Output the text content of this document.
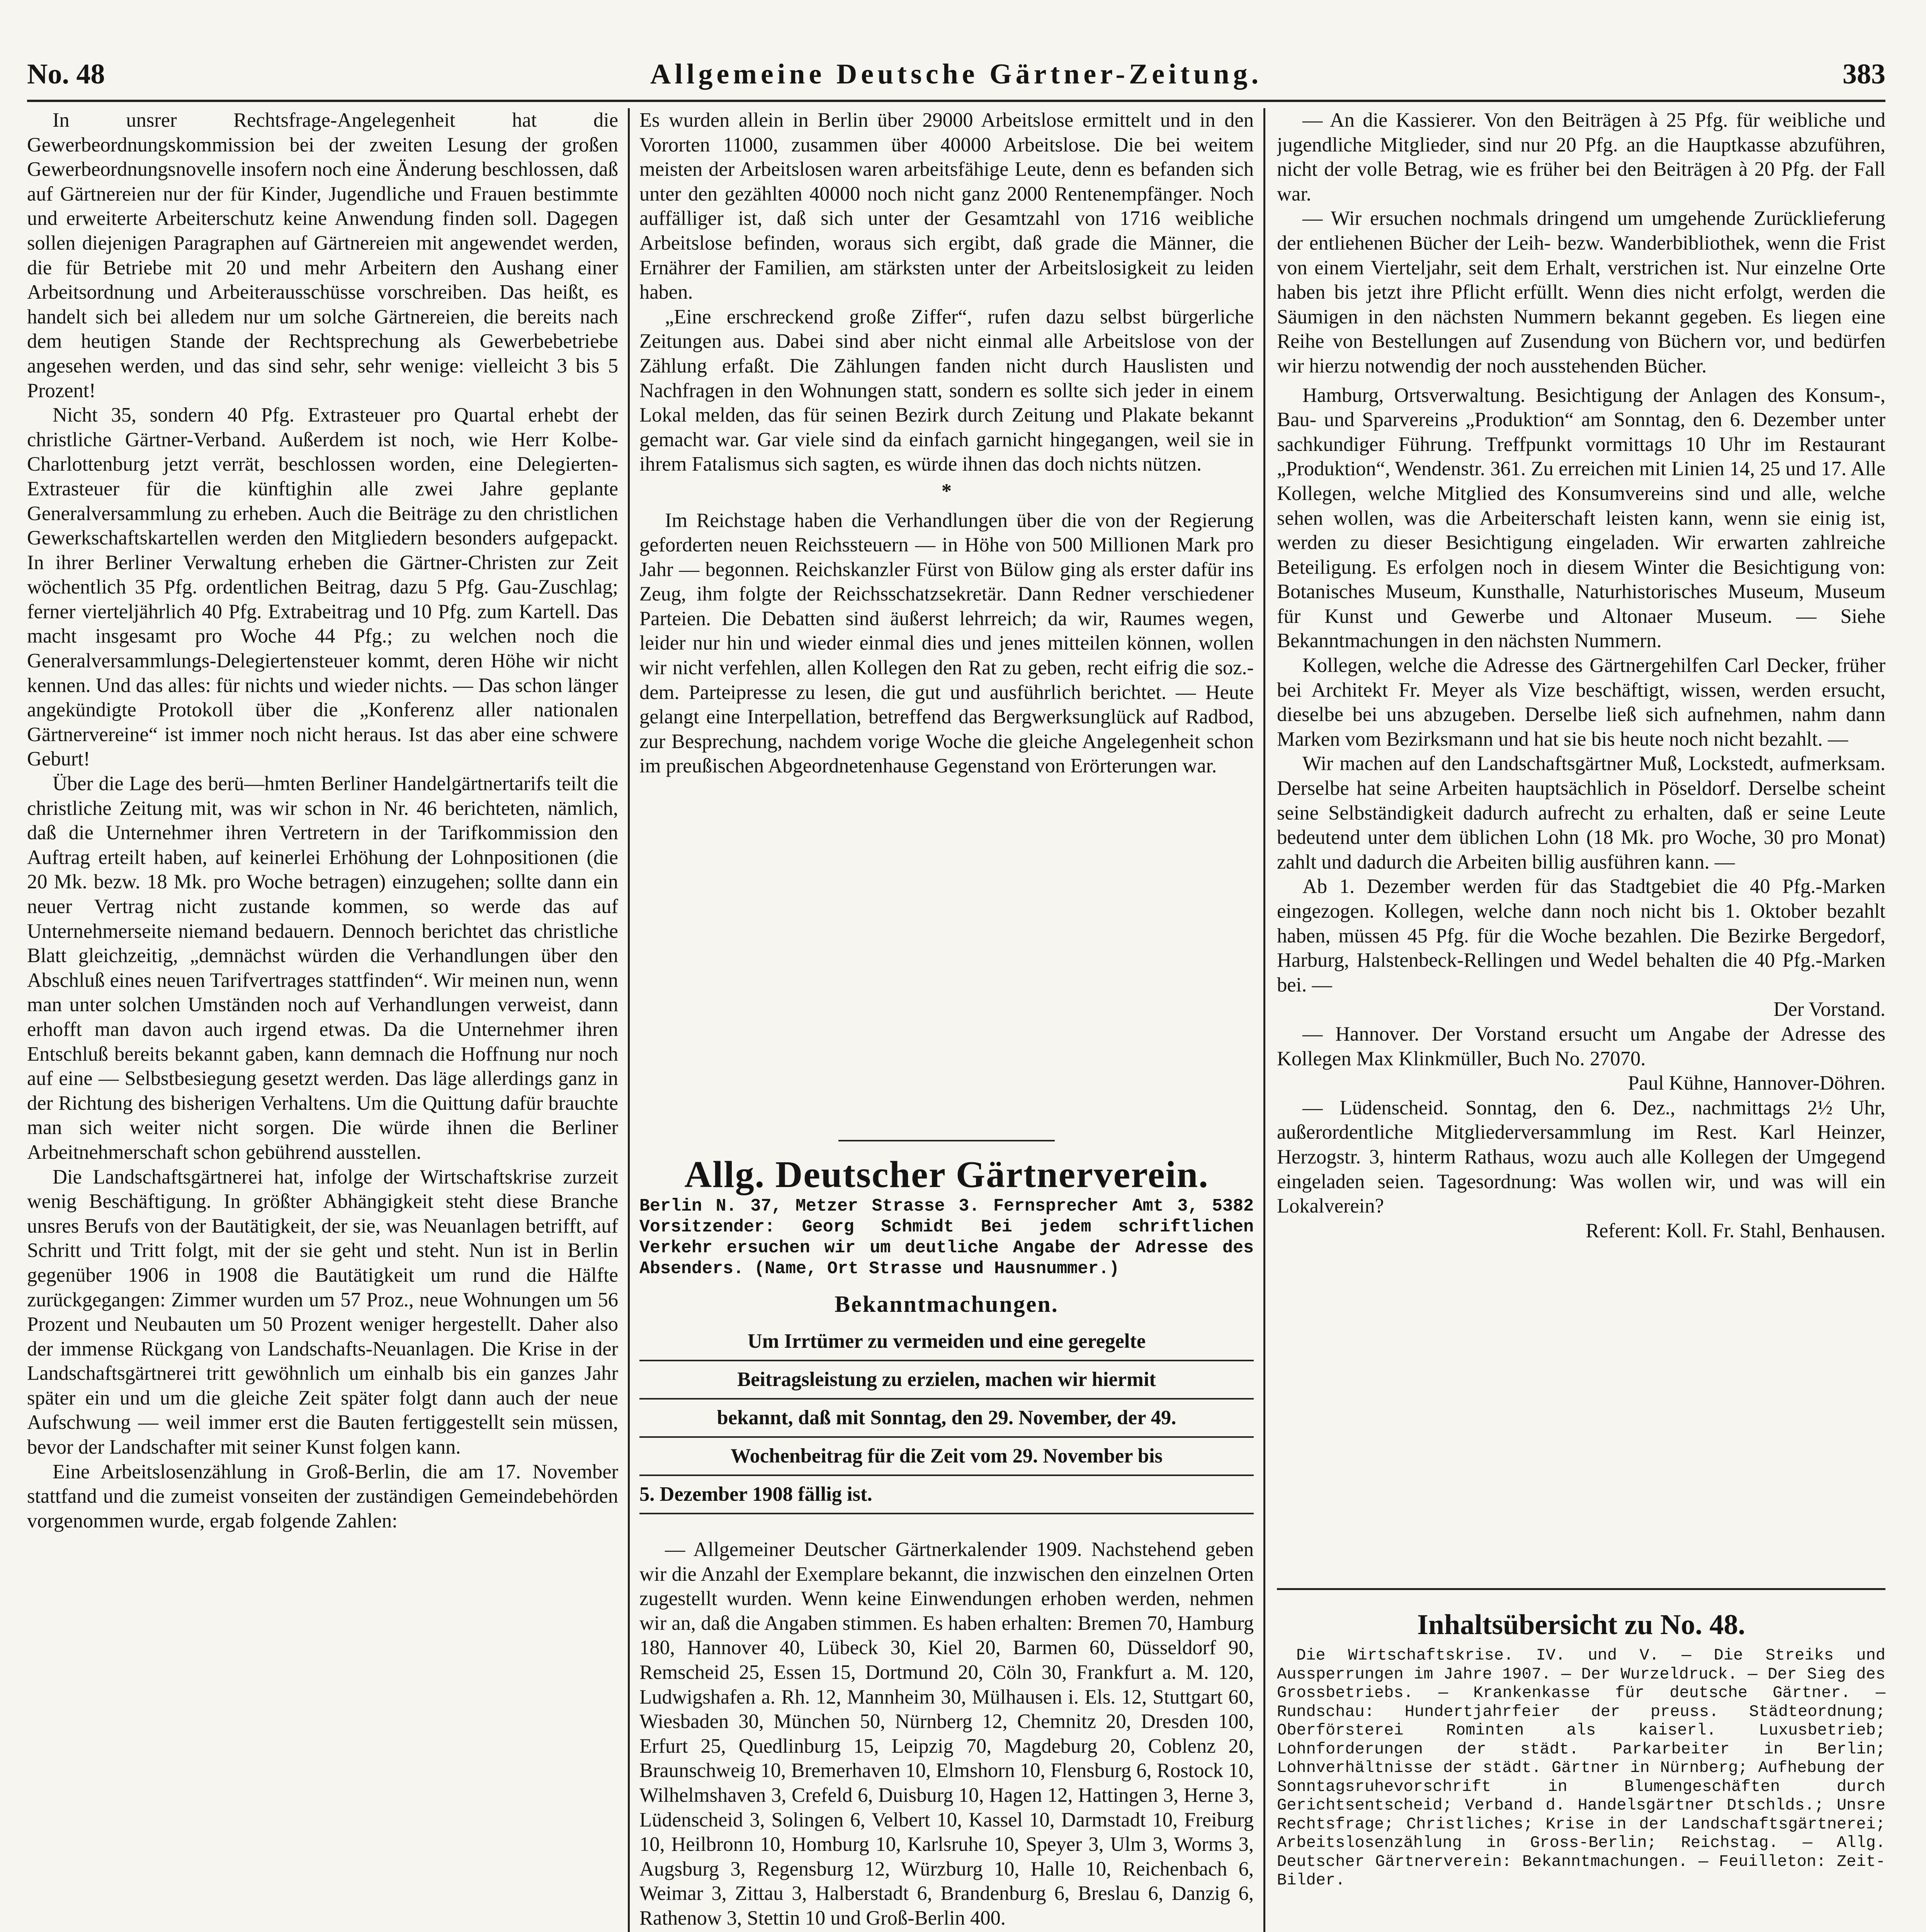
No. 48	Allgemeine Deutsche Gärtner-Zeitung.	383

In unsrer Rechtsfrage-Angelegenheit hat die Gewerbeordnungskommission bei der zweiten Lesung der großen Gewerbeordnungsnovelle insofern noch eine Änderung beschlossen, daß auf Gärtnereien nur der für Kinder, Jugendliche und Frauen bestimmte und erweiterte Arbeiterschutz keine Anwendung finden soll. Dagegen sollen diejenigen Paragraphen auf Gärtnereien mit angewendet werden, die für Betriebe mit 20 und mehr Arbeitern den Aushang einer Arbeitsordnung und Arbeiterausschüsse vorschreiben. Das heißt, es handelt sich bei alledem nur um solche Gärtnereien, die bereits nach dem heutigen Stande der Rechtsprechung als Gewerbebetriebe angesehen werden, und das sind sehr, sehr wenige: vielleicht 3 bis 5 Prozent!

Nicht 35, sondern 40 Pfg. Extrasteuer pro Quartal erhebt der christliche Gärtner-Verband. Außerdem ist noch, wie Herr Kolbe-Charlottenburg jetzt verrät, beschlossen worden, eine Delegierten-Extrasteuer für die künftighin alle zwei Jahre geplante Generalversammlung zu erheben. Auch die Beiträge zu den christlichen Gewerkschaftskartellen werden den Mitgliedern besonders aufgepackt. In ihrer Berliner Verwaltung erheben die Gärtner-Christen zur Zeit wöchentlich 35 Pfg. ordentlichen Beitrag, dazu 5 Pfg. Gau-Zuschlag; ferner vierteljährlich 40 Pfg. Extrabeitrag und 10 Pfg. zum Kartell. Das macht insgesamt pro Woche 44 Pfg.; zu welchen noch die Generalversammlungs-Delegiertensteuer kommt, deren Höhe wir nicht kennen. Und das alles: für nichts und wieder nichts. — Das schon länger angekündigte Protokoll über die „Konferenz aller nationalen Gärtnervereine“ ist immer noch nicht heraus. Ist das aber eine schwere Geburt!

Über die Lage des berü—hmten Berliner Handelgärtnertarifs teilt die christliche Zeitung mit, was wir schon in Nr. 46 berichteten, nämlich, daß die Unternehmer ihren Vertretern in der Tarifkommission den Auftrag erteilt haben, auf keinerlei Erhöhung der Lohnpositionen (die 20 Mk. bezw. 18 Mk. pro Woche betragen) einzugehen; sollte dann ein neuer Vertrag nicht zustande kommen, so werde das auf Unternehmerseite niemand bedauern. Dennoch berichtet das christliche Blatt gleichzeitig, „demnächst würden die Verhandlungen über den Abschluß eines neuen Tarifvertrages stattfinden“. Wir meinen nun, wenn man unter solchen Umständen noch auf Verhandlungen verweist, dann erhofft man davon auch irgend etwas. Da die Unternehmer ihren Entschluß bereits bekannt gaben, kann demnach die Hoffnung nur noch auf eine — Selbstbesiegung gesetzt werden. Das läge allerdings ganz in der Richtung des bisherigen Verhaltens. Um die Quittung dafür brauchte man sich weiter nicht sorgen. Die würde ihnen die Berliner Arbeitnehmerschaft schon gebührend ausstellen.

Die Landschaftsgärtnerei hat, infolge der Wirtschaftskrise zurzeit wenig Beschäftigung. In größter Abhängigkeit steht diese Branche unsres Berufs von der Bautätigkeit, der sie, was Neuanlagen betrifft, auf Schritt und Tritt folgt, mit der sie geht und steht. Nun ist in Berlin gegenüber 1906 in 1908 die Bautätigkeit um rund die Hälfte zurückgegangen: Zimmer wurden um 57 Proz., neue Wohnungen um 56 Prozent und Neubauten um 50 Prozent weniger hergestellt. Daher also der immense Rückgang von Landschafts-Neuanlagen. Die Krise in der Landschaftsgärtnerei tritt gewöhnlich um einhalb bis ein ganzes Jahr später ein und um die gleiche Zeit später folgt dann auch der neue Aufschwung — weil immer erst die Bauten fertiggestellt sein müssen, bevor der Landschafter mit seiner Kunst folgen kann.

Eine Arbeitslosenzählung in Groß-Berlin, die am 17. November stattfand und die zumeist vonseiten der zuständigen Gemeindebehörden vorgenommen wurde, ergab folgende Zahlen:

Es wurden allein in Berlin über 29000 Arbeitslose ermittelt und in den Vororten 11000, zusammen über 40000 Arbeitslose. Die bei weitem meisten der Arbeitslosen waren arbeitsfähige Leute, denn es befanden sich unter den gezählten 40000 noch nicht ganz 2000 Rentenempfänger. Noch auffälliger ist, daß sich unter der Gesamtzahl von 1716 weibliche Arbeitslose befinden, woraus sich ergibt, daß grade die Männer, die Ernährer der Familien, am stärksten unter der Arbeitslosigkeit zu leiden haben.

„Eine erschreckend große Ziffer“, rufen dazu selbst bürgerliche Zeitungen aus. Dabei sind aber nicht einmal alle Arbeitslose von der Zählung erfaßt. Die Zählungen fanden nicht durch Hauslisten und Nachfragen in den Wohnungen statt, sondern es sollte sich jeder in einem Lokal melden, das für seinen Bezirk durch Zeitung und Plakate bekannt gemacht war. Gar viele sind da einfach garnicht hingegangen, weil sie in ihrem Fatalismus sich sagten, es würde ihnen das doch nichts nützen.

*

Im Reichstage haben die Verhandlungen über die von der Regierung geforderten neuen Reichssteuern — in Höhe von 500 Millionen Mark pro Jahr — begonnen. Reichskanzler Fürst von Bülow ging als erster dafür ins Zeug, ihm folgte der Reichsschatzsekretär. Dann Redner verschiedener Parteien. Die Debatten sind äußerst lehrreich; da wir, Raumes wegen, leider nur hin und wieder einmal dies und jenes mitteilen können, wollen wir nicht verfehlen, allen Kollegen den Rat zu geben, recht eifrig die soz.-dem. Parteipresse zu lesen, die gut und ausführlich berichtet. — Heute gelangt eine Interpellation, betreffend das Bergwerksunglück auf Radbod, zur Besprechung, nachdem vorige Woche die gleiche Angelegenheit schon im preußischen Abgeordnetenhause Gegenstand von Erörterungen war.

Allg. Deutscher Gärtnerverein.
Berlin N. 37, Metzer Strasse 3. Fernsprecher Amt 3, 5382 Vorsitzender: Georg Schmidt Bei jedem schriftlichen Verkehr ersuchen wir um deutliche Angabe der Adresse des Absenders. (Name, Ort Strasse und Hausnummer.)
Bekanntmachungen.
Um Irrtümer zu vermeiden und eine geregelte
Beitragsleistung zu erzielen, machen wir hiermit
bekannt, daß mit Sonntag, den 29. November, der 49.
Wochenbeitrag für die Zeit vom 29. November bis
5. Dezember 1908 fällig ist.

— Allgemeiner Deutscher Gärtnerkalender 1909. Nachstehend geben wir die Anzahl der Exemplare bekannt, die inzwischen den einzelnen Orten zugestellt wurden. Wenn keine Einwendungen erhoben werden, nehmen wir an, daß die Angaben stimmen. Es haben erhalten: Bremen 70, Hamburg 180, Hannover 40, Lübeck 30, Kiel 20, Barmen 60, Düsseldorf 90, Remscheid 25, Essen 15, Dortmund 20, Cöln 30, Frankfurt a. M. 120, Ludwigshafen a. Rh. 12, Mannheim 30, Mülhausen i. Els. 12, Stuttgart 60, Wiesbaden 30, München 50, Nürnberg 12, Chemnitz 20, Dresden 100, Erfurt 25, Quedlinburg 15, Leipzig 70, Magdeburg 20, Coblenz 20, Braunschweig 10, Bremerhaven 10, Elmshorn 10, Flensburg 6, Rostock 10, Wilhelmshaven 3, Crefeld 6, Duisburg 10, Hagen 12, Hattingen 3, Herne 3, Lüdenscheid 3, Solingen 6, Velbert 10, Kassel 10, Darmstadt 10, Freiburg 10, Heilbronn 10, Homburg 10, Karlsruhe 10, Speyer 3, Ulm 3, Worms 3, Augsburg 3, Regensburg 12, Würzburg 10, Halle 10, Reichenbach 6, Weimar 3, Zittau 3, Halberstadt 6, Brandenburg 6, Breslau 6, Danzig 6, Rathenow 3, Stettin 10 und Groß-Berlin 400.

— An die Kassierer. Von den Beiträgen à 25 Pfg. für weibliche und jugendliche Mitglieder, sind nur 20 Pfg. an die Hauptkasse abzuführen, nicht der volle Betrag, wie es früher bei den Beiträgen à 20 Pfg. der Fall war.

— Wir ersuchen nochmals dringend um umgehende Zurücklieferung der entliehenen Bücher der Leih- bezw. Wanderbibliothek, wenn die Frist von einem Vierteljahr, seit dem Erhalt, verstrichen ist. Nur einzelne Orte haben bis jetzt ihre Pflicht erfüllt. Wenn dies nicht erfolgt, werden die Säumigen in den nächsten Nummern bekannt gegeben. Es liegen eine Reihe von Bestellungen auf Zusendung von Büchern vor, und bedürfen wir hierzu notwendig der noch ausstehenden Bücher.

Hamburg, Ortsverwaltung. Besichtigung der Anlagen des Konsum-, Bau- und Sparvereins „Produktion“ am Sonntag, den 6. Dezember unter sachkundiger Führung. Treffpunkt vormittags 10 Uhr im Restaurant „Produktion“, Wendenstr. 361. Zu erreichen mit Linien 14, 25 und 17. Alle Kollegen, welche Mitglied des Konsumvereins sind und alle, welche sehen wollen, was die Arbeiterschaft leisten kann, wenn sie einig ist, werden zu dieser Besichtigung eingeladen. Wir erwarten zahlreiche Beteiligung. Es erfolgen noch in diesem Winter die Besichtigung von: Botanisches Museum, Kunsthalle, Naturhistorisches Museum, Museum für Kunst und Gewerbe und Altonaer Museum. — Siehe Bekanntmachungen in den nächsten Nummern.

Kollegen, welche die Adresse des Gärtnergehilfen Carl Decker, früher bei Architekt Fr. Meyer als Vize beschäftigt, wissen, werden ersucht, dieselbe bei uns abzugeben. Derselbe ließ sich aufnehmen, nahm dann Marken vom Bezirksmann und hat sie bis heute noch nicht bezahlt. —

Wir machen auf den Landschaftsgärtner Muß, Lockstedt, aufmerksam. Derselbe hat seine Arbeiten hauptsächlich in Pöseldorf. Derselbe scheint seine Selbständigkeit dadurch aufrecht zu erhalten, daß er seine Leute bedeutend unter dem üblichen Lohn (18 Mk. pro Woche, 30 pro Monat) zahlt und dadurch die Arbeiten billig ausführen kann. —

Ab 1. Dezember werden für das Stadtgebiet die 40 Pfg.-Marken eingezogen. Kollegen, welche dann noch nicht bis 1. Oktober bezahlt haben, müssen 45 Pfg. für die Woche bezahlen. Die Bezirke Bergedorf, Harburg, Halstenbeck-Rellingen und Wedel behalten die 40 Pfg.-Marken bei. —

Der Vorstand.

— Hannover. Der Vorstand ersucht um Angabe der Adresse des Kollegen Max Klinkmüller, Buch No. 27070.

Paul Kühne, Hannover-Döhren.

— Lüdenscheid. Sonntag, den 6. Dez., nachmittags 2½ Uhr, außerordentliche Mitgliederversammlung im Rest. Karl Heinzer, Herzogstr. 3, hinterm Rathaus, wozu auch alle Kollegen der Umgegend eingeladen seien. Tagesordnung: Was wollen wir, und was will ein Lokalverein?

Referent: Koll. Fr. Stahl, Benhausen.

Inhaltsübersicht zu No. 48.
Die Wirtschaftskrise. IV. und V. — Die Streiks und Aussperrungen im Jahre 1907. — Der Wurzeldruck. — Der Sieg des Grossbetriebs. — Krankenkasse für deutsche Gärtner. — Rundschau: Hundertjahrfeier der preuss. Städteordnung; Oberförsterei Rominten als kaiserl. Luxusbetrieb; Lohnforderungen der städt. Parkarbeiter in Berlin; Lohnverhältnisse der städt. Gärtner in Nürnberg; Aufhebung der Sonntagsruhevorschrift in Blumengeschäften durch Gerichtsentscheid; Verband d. Handelsgärtner Dtschlds.; Unsre Rechtsfrage; Christliches; Krise in der Landschaftsgärtnerei; Arbeitslosenzählung in Gross-Berlin; Reichstag. — Allg. Deutscher Gärtnerverein: Bekanntmachungen. — Feuilleton: Zeit-Bilder.
